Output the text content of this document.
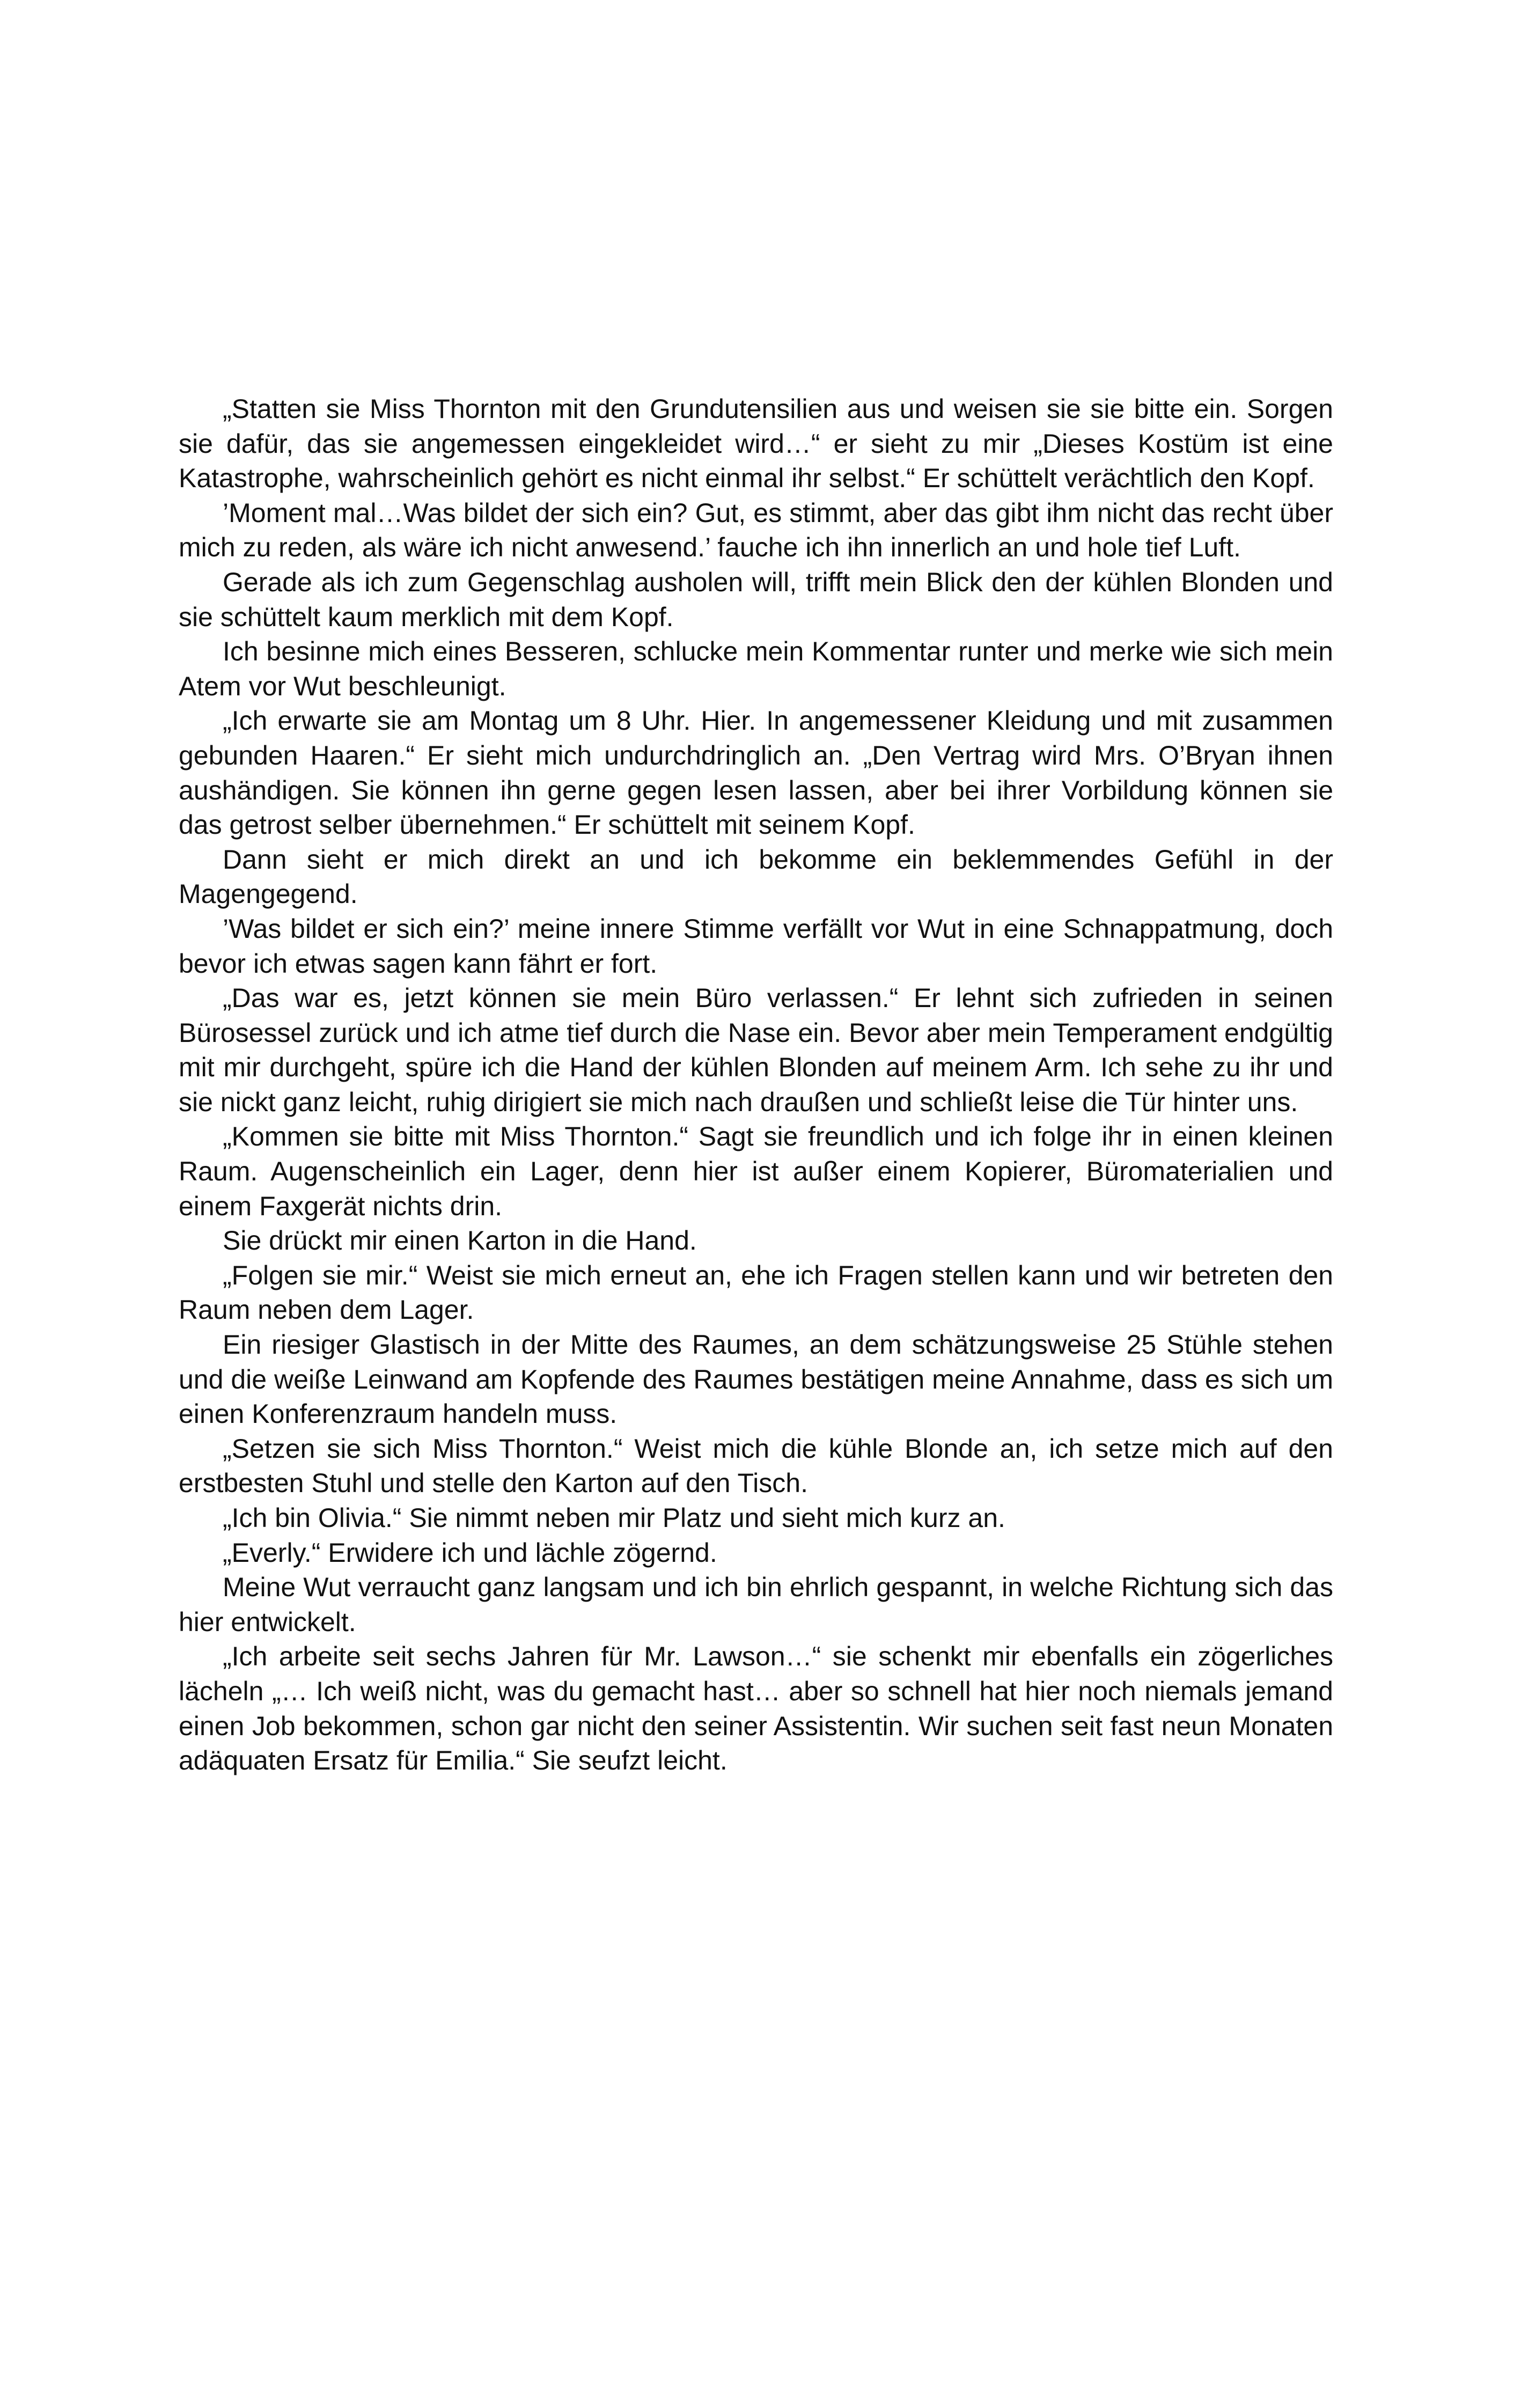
„Statten sie Miss Thornton mit den Grundutensilien aus und weisen sie sie bitte ein. Sorgen sie dafür, das sie angemessen eingekleidet wird…“ er sieht zu mir „Dieses Kostüm ist eine Katastrophe, wahrscheinlich gehört es nicht einmal ihr selbst.“ Er schüttelt verächtlich den Kopf.

’Moment mal…Was bildet der sich ein? Gut, es stimmt, aber das gibt ihm nicht das recht über mich zu reden, als wäre ich nicht anwesend.’ fauche ich ihn innerlich an und hole tief Luft.

Gerade als ich zum Gegenschlag ausholen will, trifft mein Blick den der kühlen Blonden und sie schüttelt kaum merklich mit dem Kopf.

Ich besinne mich eines Besseren, schlucke mein Kommentar runter und merke wie sich mein Atem vor Wut beschleunigt.

„Ich erwarte sie am Montag um 8 Uhr. Hier. In angemessener Kleidung und mit zusammen gebunden Haaren.“ Er sieht mich undurchdringlich an. „Den Vertrag wird Mrs. O’Bryan ihnen aushändigen. Sie können ihn gerne gegen lesen lassen, aber bei ihrer Vorbildung können sie das getrost selber übernehmen.“ Er schüttelt mit seinem Kopf.

Dann sieht er mich direkt an und ich bekomme ein beklemmendes Gefühl in der Magengegend.

’Was bildet er sich ein?’ meine innere Stimme verfällt vor Wut in eine Schnappatmung, doch bevor ich etwas sagen kann fährt er fort.

„Das war es, jetzt können sie mein Büro verlassen.“ Er lehnt sich zufrieden in seinen Bürosessel zurück und ich atme tief durch die Nase ein. Bevor aber mein Temperament endgültig mit mir durchgeht, spüre ich die Hand der kühlen Blonden auf meinem Arm. Ich sehe zu ihr und sie nickt ganz leicht, ruhig dirigiert sie mich nach draußen und schließt leise die Tür hinter uns.

„Kommen sie bitte mit Miss Thornton.“ Sagt sie freundlich und ich folge ihr in einen kleinen Raum. Augenscheinlich ein Lager, denn hier ist außer einem Kopierer, Büromaterialien und einem Faxgerät nichts drin.

Sie drückt mir einen Karton in die Hand.

„Folgen sie mir.“ Weist sie mich erneut an, ehe ich Fragen stellen kann und wir betreten den Raum neben dem Lager.

Ein riesiger Glastisch in der Mitte des Raumes, an dem schätzungsweise 25 Stühle stehen und die weiße Leinwand am Kopfende des Raumes bestätigen meine Annahme, dass es sich um einen Konferenzraum handeln muss.

„Setzen sie sich Miss Thornton.“ Weist mich die kühle Blonde an, ich setze mich auf den erstbesten Stuhl und stelle den Karton auf den Tisch.

„Ich bin Olivia.“ Sie nimmt neben mir Platz und sieht mich kurz an.

„Everly.“ Erwidere ich und lächle zögernd.

Meine Wut verraucht ganz langsam und ich bin ehrlich gespannt, in welche Richtung sich das hier entwickelt.

„Ich arbeite seit sechs Jahren für Mr. Lawson…“ sie schenkt mir ebenfalls ein zögerliches lächeln „… Ich weiß nicht, was du gemacht hast… aber so schnell hat hier noch niemals jemand einen Job bekommen, schon gar nicht den seiner Assistentin. Wir suchen seit fast neun Monaten adäquaten Ersatz für Emilia.“ Sie seufzt leicht.
